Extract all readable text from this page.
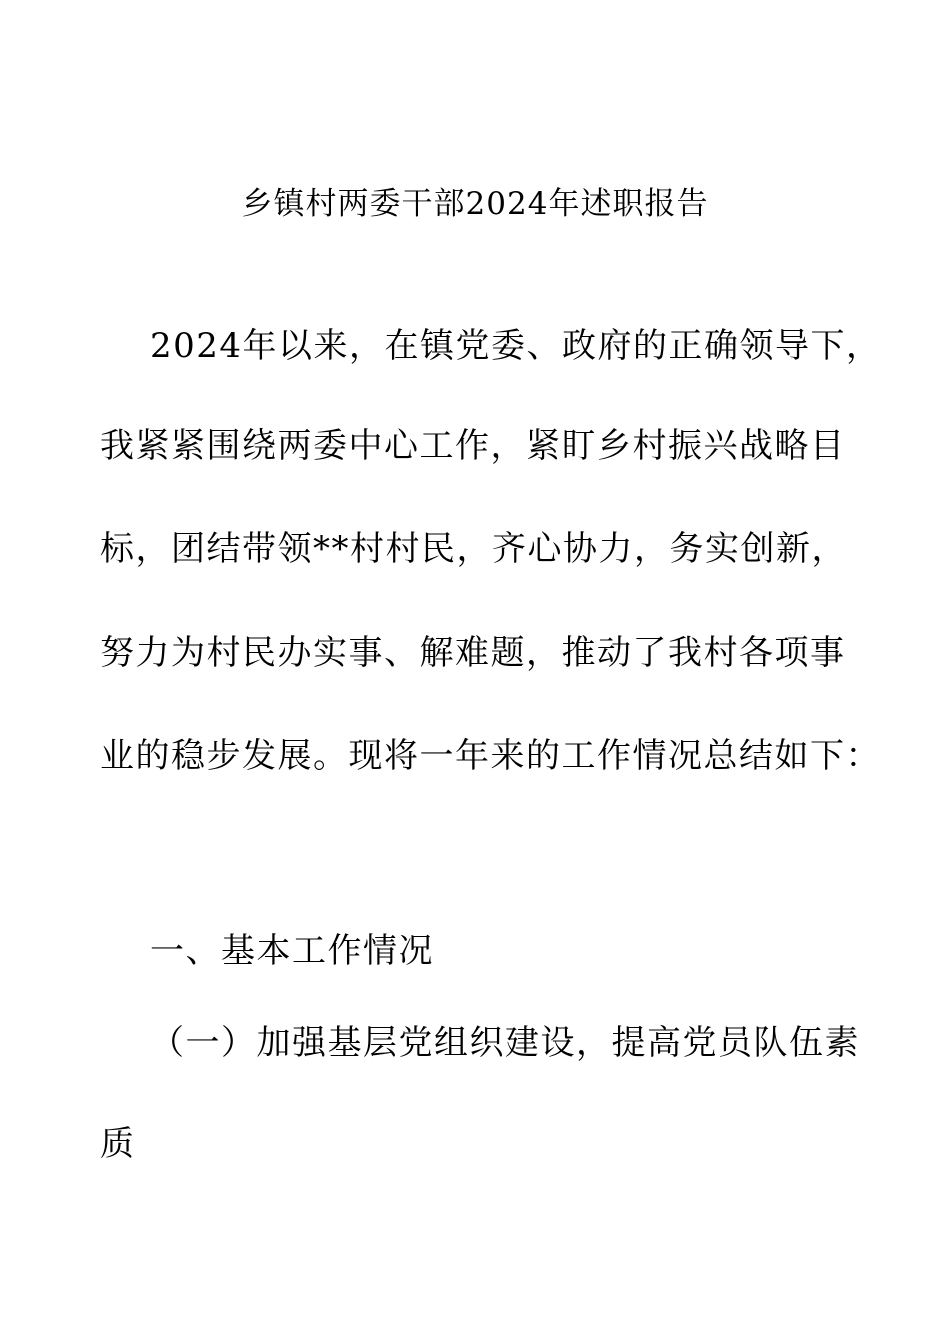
乡镇村两委干部2024年述职报告
2024年以来，在镇党委、政府的正确领导下，
我紧紧围绕两委中心工作，紧盯乡村振兴战略目
标，团结带领**村村民，齐心协力，务实创新，
努力为村民办实事、解难题，推动了我村各项事
业的稳步发展。现将一年来的工作情况总结如下：
一、基本工作情况
（一）加强基层党组织建设，提高党员队伍素
质
